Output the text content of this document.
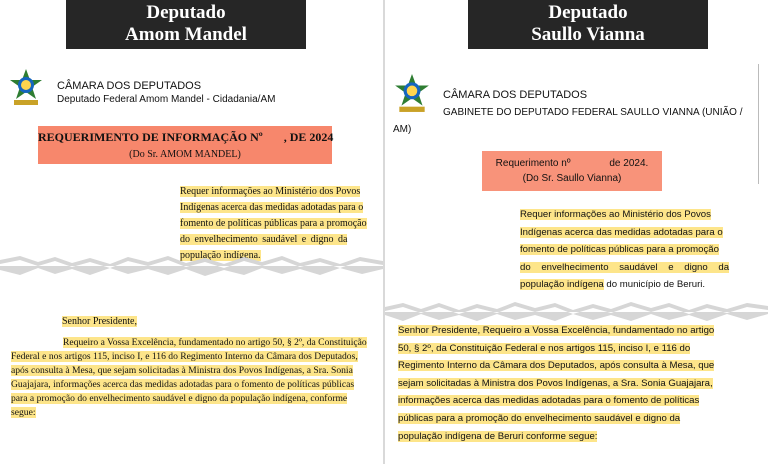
Deputado
Amom Mandel
CÂMARA DOS DEPUTADOS
Deputado Federal Amom Mandel - Cidadania/AM
REQUERIMENTO DE INFORMAÇÃO Nº       , DE 2024
(Do Sr. AMOM MANDEL)
Requer informações ao Ministério dos Povos
Indígenas acerca das medidas adotadas para o
fomento de políticas públicas para a promoção
do envelhecimento saudável e digno da
população indígena.
Senhor Presidente,
Requeiro a Vossa Excelência, fundamentado no artigo 50, § 2º, da Constituição
Federal e nos artigos 115, inciso I, e 116 do Regimento Interno da Câmara dos Deputados,
após consulta à Mesa, que sejam solicitadas à Ministra dos Povos Indígenas, a Sra. Sonia
Guajajara, informações acerca das medidas adotadas para o fomento de políticas públicas
para a promoção do envelhecimento saudável e digno da população indígena, conforme
segue:
Deputado
Saullo Vianna
CÂMARA DOS DEPUTADOS
GABINETE DO DEPUTADO FEDERAL SAULLO VIANNA (UNIÃO /
AM)
Requerimento nº              de 2024.
(Do Sr. Saullo Vianna)
Requer informações ao Ministério dos Povos
Indígenas acerca das medidas adotadas para o
fomento de políticas públicas para a promoção
do    envelhecimento    saudável    e    digno    da
população indígena do município de Beruri.
Senhor Presidente, Requeiro a Vossa Excelência, fundamentado no artigo
50, § 2º, da Constituição Federal e nos artigos 115, inciso I, e 116 do
Regimento Interno da Câmara dos Deputados, após consulta à Mesa, que
sejam solicitadas à Ministra dos Povos Indígenas, a Sra. Sonia Guajajara,
informações acerca das medidas adotadas para o fomento de políticas
públicas para a promoção do envelhecimento saudável e digno da
população indígena de Beruri conforme segue:
